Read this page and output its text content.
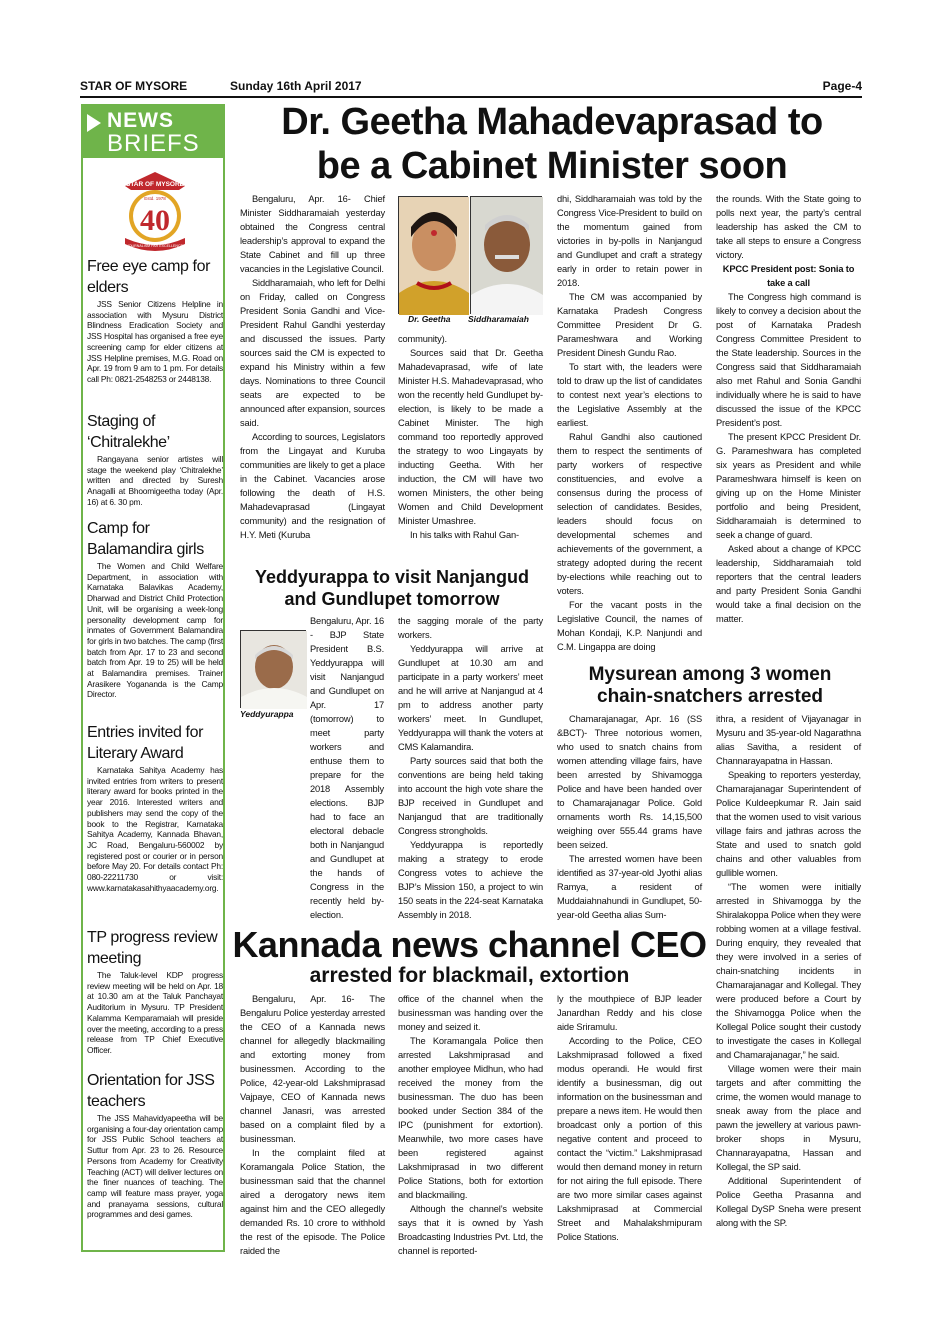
STAR OF MYSORE	Sunday 16th April 2017	Page-4
NEWS
BRIEFS
STAR OF MYSORE
Estd. 1978
40
JOURNALISM PAR EXCELLENCE
Free eye camp for elders
JSS Senior Citizens Helpline in association with Mysuru District Blindness Eradication Society and JSS Hospital has organised a free eye screening camp for elder citizens at JSS Helpline premises, M.G. Road on Apr. 19 from 9 am to 1 pm. For details call Ph: 0821-2548253 or 2448138.
Staging of ‘Chitralekhe’
Rangayana senior artistes will stage the weekend play ‘Chitralekhe’ written and directed by Suresh Anagalli at Bhoomigeetha today (Apr. 16) at 6. 30 pm.
Camp for Balamandira girls
The Women and Child Welfare Department, in association with Karnataka Balavikas Academy, Dharwad and District Child Protection Unit, will be organising a week-long personality development camp for inmates of Government Balamandira for girls in two batches. The camp (first batch from Apr. 17 to 23 and second batch from Apr. 19 to 25) will be held at Balamandira premises. Trainer Arasikere Yogananda is the Camp Director.
Entries invited for Literary Award
Karnataka Sahitya Academy has invited entries from writers to present literary award for books printed in the year 2016. Interested writers and publishers may send the copy of the book to the Registrar, Karnataka Sahitya Academy, Kannada Bhavan, JC Road, Bengaluru-560002 by registered post or courier or in person before May 20. For details contact Ph: 080-22211730 or visit: www.karnatakasahithyaacademy.org.
TP progress review meeting
The Taluk-level KDP progress review meeting will be held on Apr. 18 at 10.30 am at the Taluk Panchayat Auditorium in Mysuru. TP President Kalamma Kemparamaiah will preside over the meeting, according to a press release from TP Chief Executive Officer.
Orientation for JSS teachers
The JSS Mahavidyapeetha will be organising a four-day orientation camp for JSS Public School teachers at Suttur from Apr. 23 to 26. Resource Persons from Academy for Creativity Teaching (ACT) will deliver lectures on the finer nuances of teaching. The camp will feature mass prayer, yoga and pranayama sessions, cultural programmes and desi games.
Dr. Geetha Mahadevaprasad to
be a Cabinet Minister soon

Bengaluru, Apr. 16- Chief Minister Siddharamaiah yesterday obtained the Congress central leadership’s approval to expand the State Cabinet and fill up three vacancies in the Legislative Council.

Siddharamaiah, who left for Delhi on Friday, called on Congress President Sonia Gandhi and Vice-President Rahul Gandhi yesterday and discussed the issues. Party sources said the CM is expected to expand his Ministry within a few days. Nominations to three Council seats are expected to be announced after expansion, sources said.

According to sources, Legislators from the Lingayat and Kuruba communities are likely to get a place in the Cabinet. Vacancies arose following the death of H.S. Mahadevaprasad (Lingayat community) and the resignation of H.Y. Meti (Kuruba

Dr. Geetha Siddharamaiah

community).

Sources said that Dr. Geetha Mahadevaprasad, wife of late Minister H.S. Mahadevaprasad, who won the recently held Gundlupet by-election, is likely to be made a Cabinet Minister. The high command too reportedly approved the strategy to woo Lingayats by inducting Geetha. With her induction, the CM will have two women Ministers, the other being Women and Child Development Minister Umashree.

In his talks with Rahul Gan-

dhi, Siddharamaiah was told by the Congress Vice-President to build on the momentum gained from victories in by-polls in Nanjangud and Gundlupet and craft a strategy early in order to retain power in 2018.

The CM was accompanied by Karnataka Pradesh Congress Committee President Dr G. Parameshwara and Working President Dinesh Gundu Rao.

To start with, the leaders were told to draw up the list of candidates to contest next year’s elections to the Legislative Assembly at the earliest.

Rahul Gandhi also cautioned them to respect the sentiments of party workers of respective constituencies, and evolve a consensus during the process of selection of candidates. Besides, leaders should focus on developmental schemes and achievements of the government, a strategy adopted during the recent by-elections while reaching out to voters.

For the vacant posts in the Legislative Council, the names of Mohan Kondaji, K.P. Nanjundi and C.M. Lingappa are doing

the rounds. With the State going to polls next year, the party’s central leadership has asked the CM to take all steps to ensure a Congress victory.

KPCC President post: Sonia to take a call

The Congress high command is likely to convey a decision about the post of Karnataka Pradesh Congress Committee President to the State leadership. Sources in the Congress said that Siddharamaiah also met Rahul and Sonia Gandhi individually where he is said to have discussed the issue of the KPCC President’s post.

The present KPCC President Dr. G. Parameshwara has completed six years as President and while Parameshwara himself is keen on giving up on the Home Minister portfolio and being President, Siddharamaiah is determined to seek a change of guard.

Asked about a change of KPCC leadership, Siddharamaiah told reporters that the central leaders and party President Sonia Gandhi would take a final decision on the matter.

Yeddyurappa to visit Nanjangud
and Gundlupet tomorrow
Yeddyurappa
Bengaluru, Apr. 16 - BJP State President B.S. Yeddyurappa will visit Nanjangud and Gundlupet on Apr. 17 (tomorrow) to meet party workers and enthuse them to prepare for the 2018 Assembly elections. BJP had to face an electoral debacle both in Nanjangud and Gundlupet at the hands of Congress in the recently held by-election.

the sagging morale of the party workers.

Yeddyurappa will arrive at Gundlupet at 10.30 am and participate in a party workers’ meet and he will arrive at Nanjangud at 4 pm to address another party workers’ meet. In Gundlupet, Yeddyurappa will thank the voters at CMS Kalamandira.

Party sources said that both the conventions are being held taking into account the high vote share the BJP received in Gundlupet and Nanjangud that are traditionally Congress strongholds.

Yeddyurappa is reportedly making a strategy to erode Congress votes to achieve the BJP’s Mission 150, a project to win 150 seats in the 224-seat Karnataka Assembly in 2018.

Mysurean among 3 women
chain-snatchers arrested

Chamarajanagar, Apr. 16 (SS &BCT)- Three notorious women, who used to snatch chains from women attending village fairs, have been arrested by Shivamogga Police and have been handed over to Chamarajanagar Police. Gold ornaments worth Rs. 14,15,500 weighing over 555.44 grams have been seized.

The arrested women have been identified as 37-year-old Jyothi alias Ramya, a resident of Muddaiahnahundi in Gundlupet, 50-year-old Geetha alias Sum-

ithra, a resident of Vijayanagar in Mysuru and 35-year-old Nagarathna alias Savitha, a resident of Channarayapatna in Hassan.

Speaking to reporters yesterday, Chamarajanagar Superintendent of Police Kuldeepkumar R. Jain said that the women used to visit various village fairs and jathras across the State and used to snatch gold chains and other valuables from gullible women.

“The women were initially arrested in Shivamogga by the Shiralakoppa Police when they were robbing women at a village festival. During enquiry, they revealed that they were involved in a series of chain-snatching incidents in Chamarajanagar and Kollegal. They were produced before a Court by the Shivamogga Police when the Kollegal Police sought their custody to investigate the cases in Kollegal and Chamarajanagar,” he said.

Village women were their main targets and after committing the crime, the women would manage to sneak away from the place and pawn the jewellery at various pawn-broker shops in Mysuru, Channarayapatna, Hassan and Kollegal, the SP said.

Additional Superintendent of Police Geetha Prasanna and Kollegal DySP Sneha were present along with the SP.

Kannada news channel CEO
arrested for blackmail, extortion

Bengaluru, Apr. 16- The Bengaluru Police yesterday arrested the CEO of a Kannada news channel for allegedly blackmailing and extorting money from businessmen. According to the Police, 42-year-old Lakshmiprasad Vajpaye, CEO of Kannada news channel Janasri, was arrested based on a complaint filed by a businessman.

In the complaint filed at Koramangala Police Station, the businessman said that the channel aired a derogatory news item against him and the CEO allegedly demanded Rs. 10 crore to withhold the rest of the episode. The Police raided the

office of the channel when the businessman was handing over the money and seized it.

The Koramangala Police then arrested Lakshmiprasad and another employee Midhun, who had received the money from the businessman. The duo has been booked under Section 384 of the IPC (punishment for extortion). Meanwhile, two more cases have been registered against Lakshmiprasad in two different Police Stations, both for extortion and blackmailing.

Although the channel’s website says that it is owned by Yash Broadcasting Industries Pvt. Ltd, the channel is reported-

ly the mouthpiece of BJP leader Janardhan Reddy and his close aide Sriramulu.

According to the Police, CEO Lakshmiprasad followed a fixed modus operandi. He would first identify a businessman, dig out information on the businessman and prepare a news item. He would then broadcast only a portion of this negative content and proceed to contact the “victim.” Lakshmiprasad would then demand money in return for not airing the full episode. There are two more similar cases against Lakshmiprasad at Commercial Street and Mahalakshmipuram Police Stations.
